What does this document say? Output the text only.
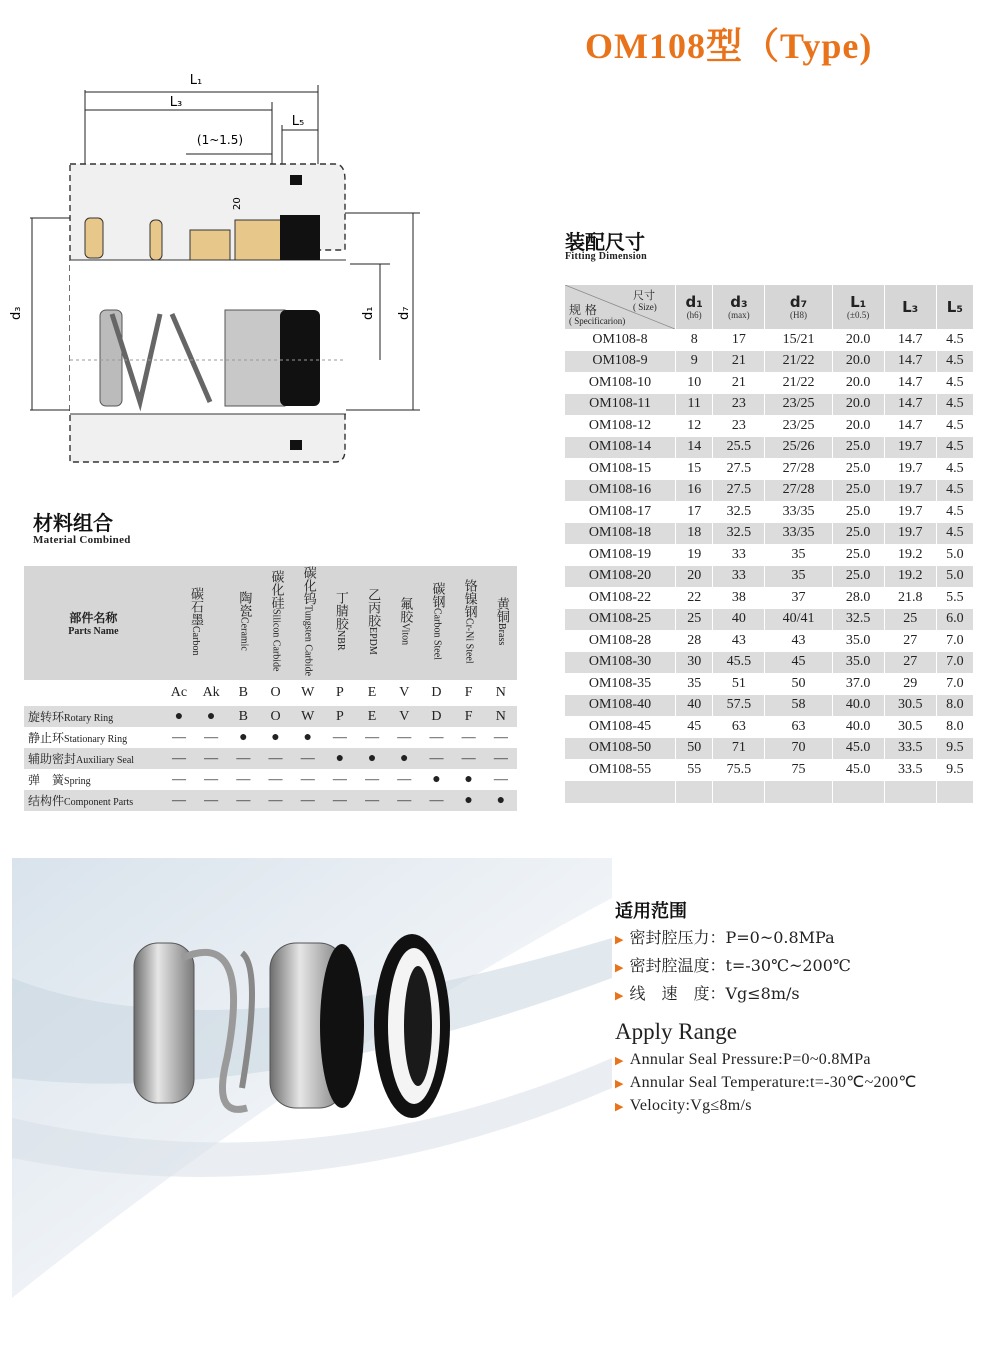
OM108型（Type)
L₁
L₃
L₅
(1~1.5)
20
d₃	d₁ d₇
装配尺寸
Fitting Dimension
尺寸
( Size)
规 格
( Specificarion)	d₁
(h6)	d₃
(max)	d₇
(H8)	L₁
(±0.5)	L₃	L₅

OM108-8	8	17	15/21	20.0	14.7	4.5
OM108-9	9	21	21/22	20.0	14.7	4.5
OM108-10	10	21	21/22	20.0	14.7	4.5
OM108-11	11	23	23/25	20.0	14.7	4.5
OM108-12	12	23	23/25	20.0	14.7	4.5
OM108-14	14	25.5	25/26	25.0	19.7	4.5
OM108-15	15	27.5	27/28	25.0	19.7	4.5
OM108-16	16	27.5	27/28	25.0	19.7	4.5
OM108-17	17	32.5	33/35	25.0	19.7	4.5
OM108-18	18	32.5	33/35	25.0	19.7	4.5
OM108-19	19	33	35	25.0	19.2	5.0
OM108-20	20	33	35	25.0	19.2	5.0
OM108-22	22	38	37	28.0	21.8	5.5
OM108-25	25	40	40/41	32.5	25	6.0
OM108-28	28	43	43	35.0	27	7.0
OM108-30	30	45.5	45	35.0	27	7.0
OM108-35	35	51	50	37.0	29	7.0
OM108-40	40	57.5	58	40.0	30.5	8.0
OM108-45	45	63	63	40.0	30.5	8.0
OM108-50	50	71	70	45.0	33.5	9.5
OM108-55	55	75.5	75	45.0	33.5	9.5

材料组合
Material Combined
部件名称
Parts Name	碳石墨Carbon		陶瓷Ceramic	碳化硅Silicon Carbide	碳化钨Tungsten Carbide	丁腈胶NBR	乙丙胶EPDM	氟胶Viton	碳钢Carbon Steel	铬镍钢Cr-Ni Steel	黄铜Brass
	Ac	Ak	B	O	W	P	E	V	D	F	N
旋转环Rotary Ring	●	●	B	O	W	P	E	V	D	F	N
静止环Stationary Ring	—	—	●	●	●	—	—	—	—	—	—
辅助密封Auxiliary Seal	—	—	—	—	—	●	●	●	—	—	—
弹　簧Spring	—	—	—	—	—	—	—	—	●	●	—
结构件Component Parts	—	—	—	—	—	—	—	—	—	●	●
适用范围
▶ 密封腔压力：P=0~0.8MPa
▶ 密封腔温度：t=-30℃~200℃
▶ 线　速　度：Vg≤8m/s
Apply Range
▶ Annular Seal Pressure:P=0~0.8MPa
▶ Annular Seal Temperature:t=-30℃~200℃
▶ Velocity:Vg≤8m/s
